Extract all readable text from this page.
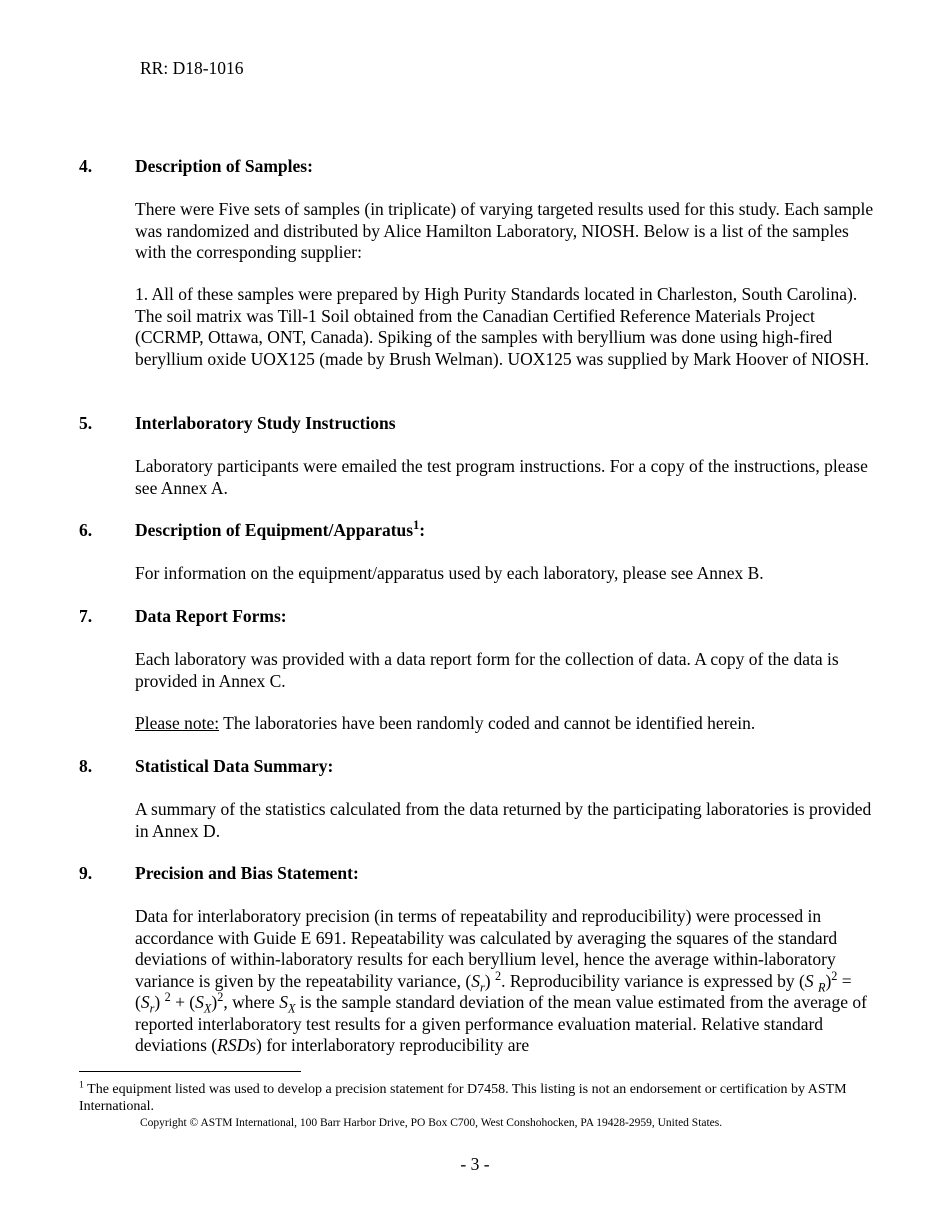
RR: D18-1016
4. Description of Samples:
There were Five sets of samples (in triplicate) of varying targeted results used for this study. Each sample was randomized and distributed by Alice Hamilton Laboratory, NIOSH. Below is a list of the samples with the corresponding supplier:
1. All of these samples were prepared by High Purity Standards located in Charleston, South Carolina). The soil matrix was Till-1 Soil obtained from the Canadian Certified Reference Materials Project (CCRMP, Ottawa, ONT, Canada). Spiking of the samples with beryllium was done using high-fired beryllium oxide UOX125 (made by Brush Welman). UOX125 was supplied by Mark Hoover of NIOSH.
5. Interlaboratory Study Instructions
Laboratory participants were emailed the test program instructions. For a copy of the instructions, please see Annex A.
6. Description of Equipment/Apparatus$^1$:
For information on the equipment/apparatus used by each laboratory, please see Annex B.
7. Data Report Forms:
Each laboratory was provided with a data report form for the collection of data. A copy of the data is provided in Annex C.
Please note: The laboratories have been randomly coded and cannot be identified herein.
8. Statistical Data Summary:
A summary of the statistics calculated from the data returned by the participating laboratories is provided in Annex D.
9. Precision and Bias Statement:
Data for interlaboratory precision (in terms of repeatability and reproducibility) were processed in accordance with Guide E 691. Repeatability was calculated by averaging the squares of the standard deviations of within-laboratory results for each beryllium level, hence the average within-laboratory variance is given by the repeatability variance, $(S_r)$ $^2$. Reproducibility variance is expressed by (S $_R)^2 = (S_r) ^2 + (S_X)^2$, where $S_X$ is the sample standard deviation of the mean value estimated from the average of reported interlaboratory test results for a given performance evaluation material. Relative standard deviations (RSDs) for interlaboratory reproducibility are
$^1$ The equipment listed was used to develop a precision statement for D7458. This listing is not an endorsement or certification by ASTM International.
Copyright © ASTM International, 100 Barr Harbor Drive, PO Box C700, West Conshohocken, PA 19428-2959, United States.
- 3 -
